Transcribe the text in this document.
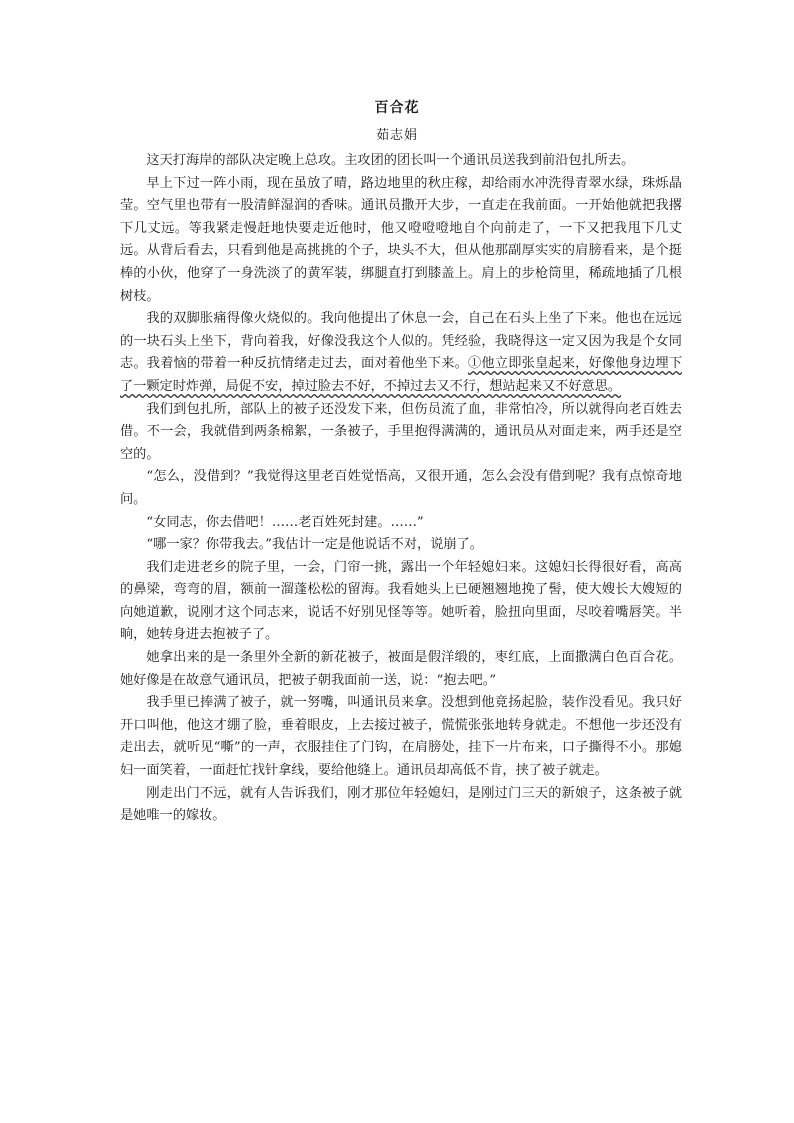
百合花
茹志娟

这天打海岸的部队决定晚上总攻。主攻团的团长叫一个通讯员送我到前沿包扎所去。

早上下过一阵小雨，现在虽放了晴，路边地里的秋庄稼，却给雨水冲洗得青翠水绿，珠烁晶莹。空气里也带有一股清鲜湿润的香味。通讯员撒开大步，一直走在我前面。一开始他就把我撂下几丈远。等我紧走慢赶地快要走近他时，他又噔噔噔地自个向前走了，一下又把我甩下几丈远。从背后看去，只看到他是高挑挑的个子，块头不大，但从他那副厚实实的肩膀看来，是个挺棒的小伙，他穿了一身洗淡了的黄军装，绑腿直打到膝盖上。肩上的步枪筒里，稀疏地插了几根树枝。

我的双脚胀痛得像火烧似的。我向他提出了休息一会，自己在石头上坐了下来。他也在远远的一块石头上坐下，背向着我，好像没我这个人似的。凭经验，我晓得这一定又因为我是个女同志。我着恼的带着一种反抗情绪走过去，面对着他坐下来。①他立即张皇起来，好像他身边埋下了一颗定时炸弹，局促不安，掉过脸去不好，不掉过去又不行，想站起来又不好意思。

我们到包扎所，部队上的被子还没发下来，但伤员流了血，非常怕冷，所以就得向老百姓去借。不一会，我就借到两条棉絮，一条被子，手里抱得满满的，通讯员从对面走来，两手还是空空的。

“怎么，没借到？”我觉得这里老百姓觉悟高，又很开通，怎么会没有借到呢？我有点惊奇地问。

“女同志，你去借吧！……老百姓死封建。……”

“哪一家？你带我去。”我估计一定是他说话不对，说崩了。

我们走进老乡的院子里，一会，门帘一挑，露出一个年轻媳妇来。这媳妇长得很好看，高高的鼻梁，弯弯的眉，额前一溜蓬松松的留海。我看她头上已硬翘翘地挽了髻，使大嫂长大嫂短的向她道歉，说刚才这个同志来，说话不好别见怪等等。她听着，脸扭向里面，尽咬着嘴唇笑。半晌，她转身进去抱被子了。

她拿出来的是一条里外全新的新花被子，被面是假洋缎的，枣红底，上面撒满白色百合花。她好像是在故意气通讯员，把被子朝我面前一送，说：“抱去吧。”

我手里已捧满了被子，就一努嘴，叫通讯员来拿。没想到他竟扬起脸，装作没看见。我只好开口叫他，他这才绷了脸，垂着眼皮，上去接过被子，慌慌张张地转身就走。不想他一步还没有走出去，就听见“嘶”的一声，衣服挂住了门钩，在肩膀处，挂下一片布来，口子撕得不小。那媳妇一面笑着，一面赶忙找针拿线，要给他缝上。通讯员却高低不肯，挟了被子就走。

刚走出门不远，就有人告诉我们，刚才那位年轻媳妇，是刚过门三天的新娘子，这条被子就是她唯一的嫁妆。
